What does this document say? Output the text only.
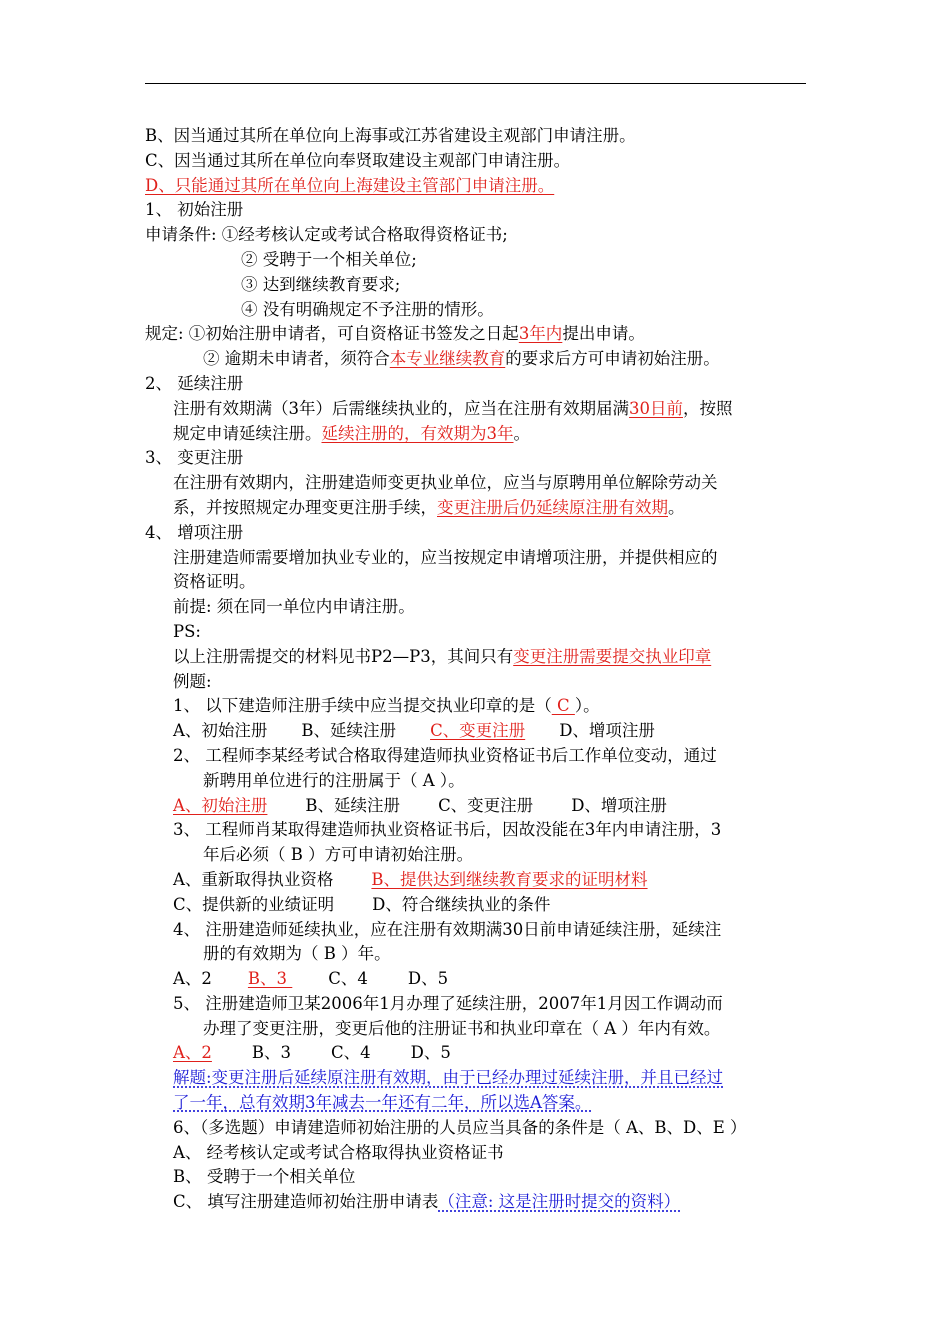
B、因当通过其所在单位向上海事或江苏省建设主观部门申请注册。
C、因当通过其所在单位向奉贤取建设主观部门申请注册。
D、只能通过其所在单位向上海建设主管部门申请注册。
1、 初始注册
申请条件: ①经考核认定或考试合格取得资格证书;
② 受聘于一个相关单位;
③ 达到继续教育要求;
④ 没有明确规定不予注册的情形。
规定: ①初始注册申请者，可自资格证书签发之日起3年内提出申请。
② 逾期未申请者，须符合本专业继续教育的要求后方可申请初始注册。
2、 延续注册
注册有效期满（3年）后需继续执业的，应当在注册有效期届满30日前，按照
规定申请延续注册。延续注册的，有效期为3年。
3、 变更注册
在注册有效期内，注册建造师变更执业单位，应当与原聘用单位解除劳动关
系，并按照规定办理变更注册手续，变更注册后仍延续原注册有效期。
4、 增项注册
注册建造师需要增加执业专业的，应当按规定申请增项注册，并提供相应的
资格证明。
前提: 须在同一单位内申请注册。
PS:
以上注册需提交的材料见书P2—P3，其间只有变更注册需要提交执业印章
例题:
1、 以下建造师注册手续中应当提交执业印章的是（ C ）。
A、初始注册 B、延续注册 C、变更注册 D、增项注册
2、 工程师李某经考试合格取得建造师执业资格证书后工作单位变动，通过
新聘用单位进行的注册属于（ A ）。
A、初始注册 B、延续注册 C、变更注册 D、增项注册
3、 工程师肖某取得建造师执业资格证书后，因故没能在3年内申请注册，3
年后必须（ B ）方可申请初始注册。
A、重新取得执业资格 B、提供达到继续教育要求的证明材料
C、提供新的业绩证明 D、符合继续执业的条件
4、 注册建造师延续执业，应在注册有效期满30日前申请延续注册，延续注
册的有效期为（ B ）年。
A、2 B、3 C、4 D、5
5、 注册建造师卫某2006年1月办理了延续注册，2007年1月因工作调动而
办理了变更注册，变更后他的注册证书和执业印章在（ A ）年内有效。
A、2 B、3 C、4 D、5
解题:变更注册后延续原注册有效期，由于已经办理过延续注册，并且已经过
了一年，总有效期3年减去一年还有二年，所以选A答案。
6、（多选题）申请建造师初始注册的人员应当具备的条件是（ A、B、D、E ）
A、 经考核认定或考试合格取得执业资格证书
B、 受聘于一个相关单位
C、 填写注册建造师初始注册申请表（注意: 这是注册时提交的资料）
